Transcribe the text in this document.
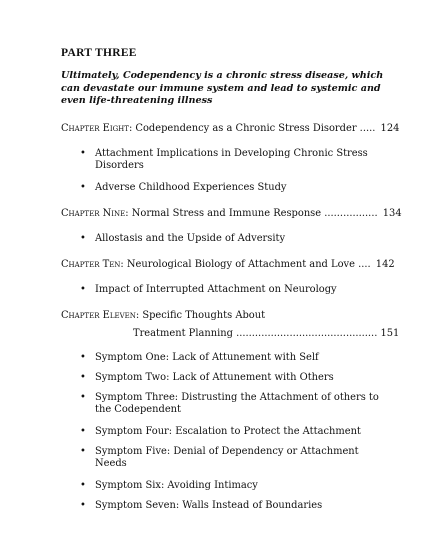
PART THREE
Ultimately, Codependency is a chronic stress disease, which can devastate our immune system and lead to systemic and even life-threatening illness
Chapter Eight: Codependency as a Chronic Stress Disorder ..... 124
• Attachment Implications in Developing Chronic Stress Disorders
• Adverse Childhood Experiences Study
Chapter Nine: Normal Stress and Immune Response ................. 134
• Allostasis and the Upside of Adversity
Chapter Ten: Neurological Biology of Attachment and Love .... 142
• Impact of Interrupted Attachment on Neurology
Chapter Eleven: Specific Thoughts About
Treatment Planning ............................................. 151
• Symptom One: Lack of Attunement with Self
• Symptom Two: Lack of Attunement with Others
• Symptom Three: Distrusting the Attachment of others to the Codependent
• Symptom Four: Escalation to Protect the Attachment
• Symptom Five: Denial of Dependency or Attachment Needs
• Symptom Six: Avoiding Intimacy
• Symptom Seven: Walls Instead of Boundaries
